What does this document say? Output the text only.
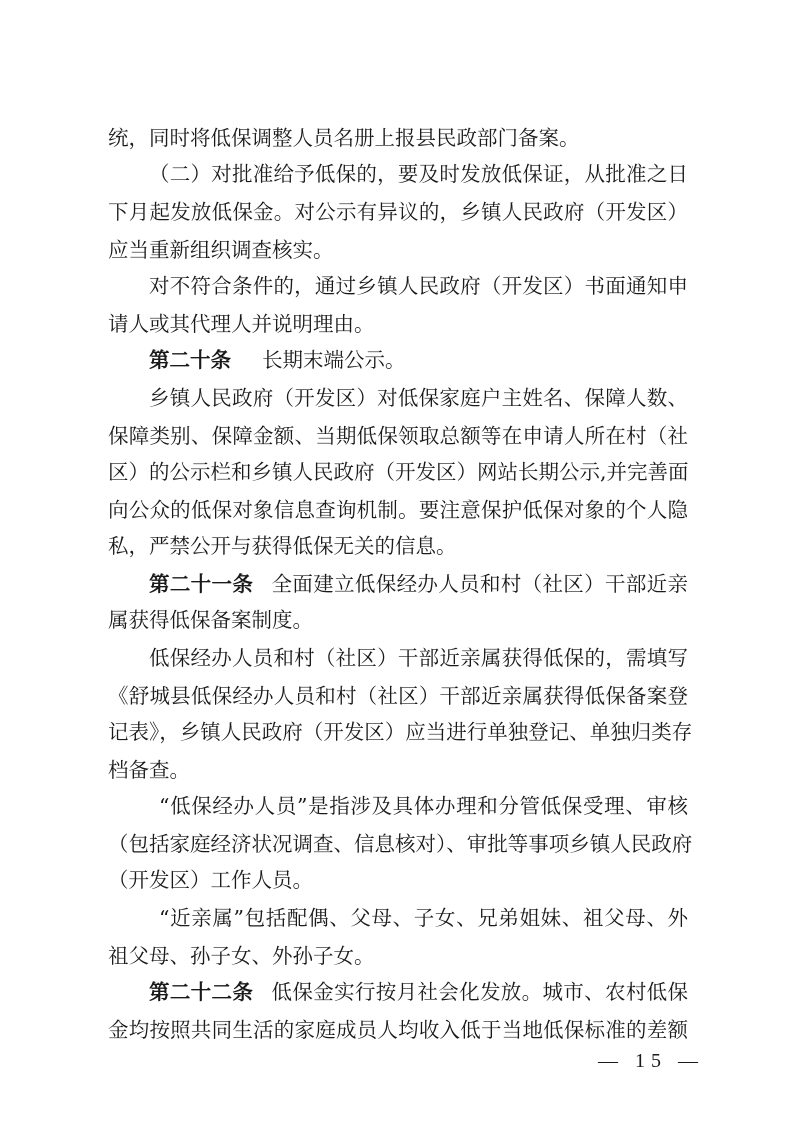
统，同时将低保调整人员名册上报县民政部门备案。
（二）对批准给予低保的，要及时发放低保证，从批准之日
下月起发放低保金。对公示有异议的，乡镇人民政府（开发区）
应当重新组织调查核实。
对不符合条件的，通过乡镇人民政府（开发区）书面通知申
请人或其代理人并说明理由。
第二十条 长期末端公示。
乡镇人民政府（开发区）对低保家庭户主姓名、保障人数、
保障类别、保障金额、当期低保领取总额等在申请人所在村（社
区）的公示栏和乡镇人民政府（开发区）网站长期公示,并完善面
向公众的低保对象信息查询机制。要注意保护低保对象的个人隐
私，严禁公开与获得低保无关的信息。
第二十一条 全面建立低保经办人员和村（社区）干部近亲
属获得低保备案制度。
低保经办人员和村（社区）干部近亲属获得低保的，需填写
《舒城县低保经办人员和村（社区）干部近亲属获得低保备案登
记表》，乡镇人民政府（开发区）应当进行单独登记、单独归类存
档备查。
“低保经办人员”是指涉及具体办理和分管低保受理、审核
（包括家庭经济状况调查、信息核对）、审批等事项乡镇人民政府
（开发区）工作人员。
“近亲属”包括配偶、父母、子女、兄弟姐妹、祖父母、外
祖父母、孙子女、外孙子女。
第二十二条 低保金实行按月社会化发放。城市、农村低保
金均按照共同生活的家庭成员人均收入低于当地低保标准的差额
— 15 —
